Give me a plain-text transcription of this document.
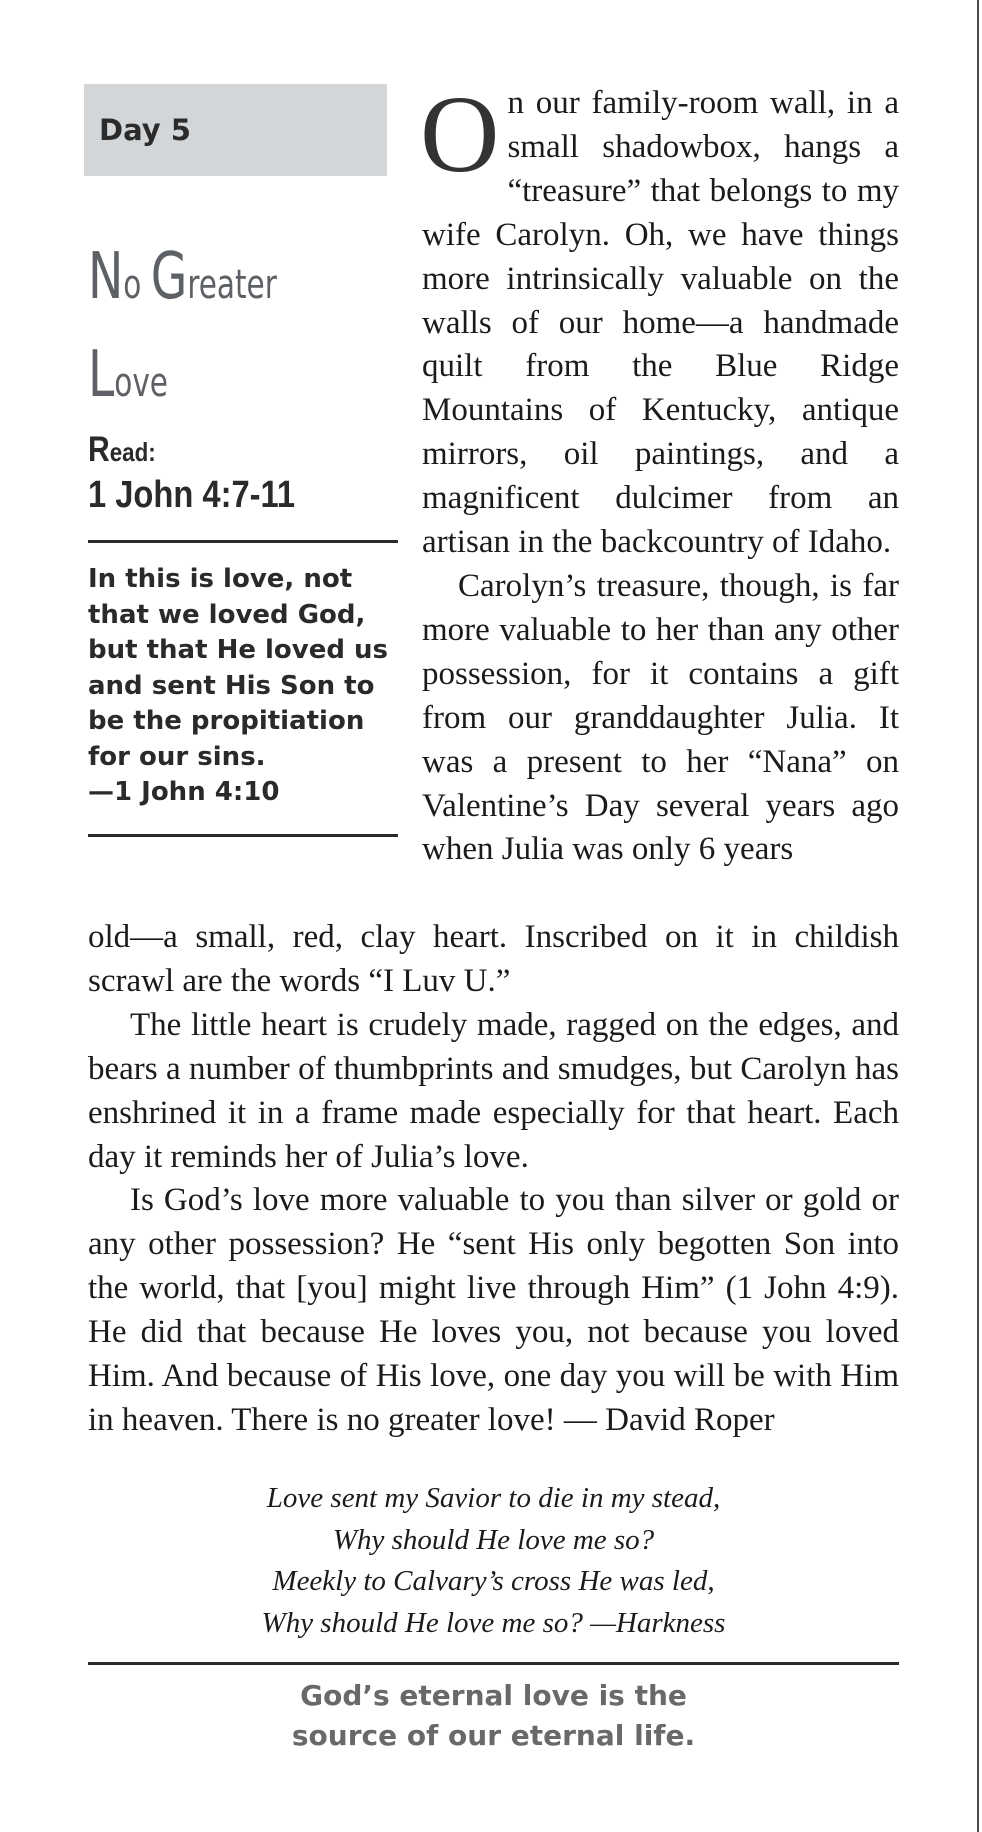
Day 5
No Greater
Love
Read:
1 John 4:7-11
In this is love, not
that we loved God,
but that He loved us
and sent His Son to
be the propitiation
for our sins.
—1 John 4:10

On our family-room wall, in a small shadowbox, hangs a “treasure” that belongs to my wife Carolyn. Oh, we have things more intrinsically valuable on the walls of our home—a handmade quilt from the Blue Ridge Mountains of Kentucky, antique mirrors, oil paintings, and a magnificent dulcimer from an artisan in the backcountry of Idaho.

Carolyn’s treasure, though, is far more valuable to her than any other possession, for it contains a gift from our granddaughter Julia. It was a present to her “Nana” on Valentine’s Day several years ago when Julia was only 6 years

old—a small, red, clay heart. Inscribed on it in childish scrawl are the words “I Luv U.”

The little heart is crudely made, ragged on the edges, and bears a number of thumbprints and smudges, but Carolyn has enshrined it in a frame made especially for that heart. Each day it reminds her of Julia’s love.

Is God’s love more valuable to you than silver or gold or any other possession? He “sent His only begotten Son into the world, that [you] might live through Him” (1 John 4:9). He did that because He loves you, not because you loved Him. And because of His love, one day you will be with Him in heaven. There is no greater love! — David Roper

Love sent my Savior to die in my stead,
Why should He love me so?
Meekly to Calvary’s cross He was led,
Why should He love me so? —Harkness
God’s eternal love is the
source of our eternal life.
